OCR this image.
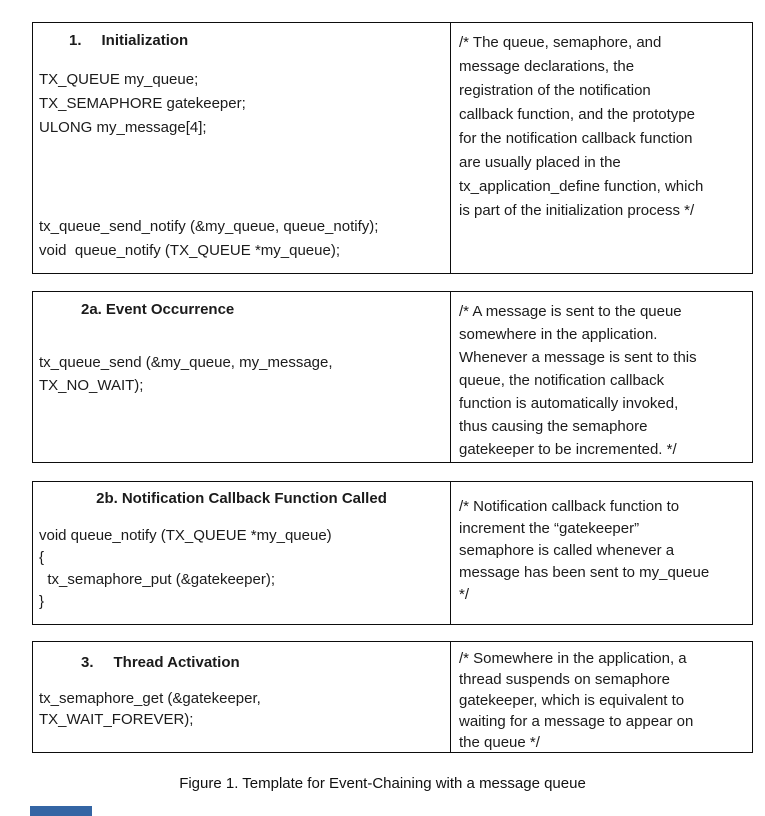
1. Initialization
TX_QUEUE my_queue;
TX_SEMAPHORE gatekeeper;
ULONG my_message[4];
tx_queue_send_notify (&my_queue, queue_notify);
void  queue_notify (TX_QUEUE *my_queue);
/* The queue, semaphore, and
message declarations, the
registration of the notification
callback function, and the prototype
for the notification callback function
are usually placed in the
tx_application_define function, which
is part of the initialization process */
2a. Event Occurrence
tx_queue_send (&my_queue, my_message,
TX_NO_WAIT);
/* A message is sent to the queue
somewhere in the application.
Whenever a message is sent to this
queue, the notification callback
function is automatically invoked,
thus causing the semaphore
gatekeeper to be incremented. */
2b. Notification Callback Function Called
void queue_notify (TX_QUEUE *my_queue)
{
tx_semaphore_put (&gatekeeper);
}
/* Notification callback function to
increment the “gatekeeper”
semaphore is called whenever a
message has been sent to my_queue
*/
3. Thread Activation
tx_semaphore_get (&gatekeeper,
TX_WAIT_FOREVER);
/* Somewhere in the application, a
thread suspends on semaphore
gatekeeper, which is equivalent to
waiting for a message to appear on
the queue */
Figure 1. Template for Event-Chaining with a message queue
